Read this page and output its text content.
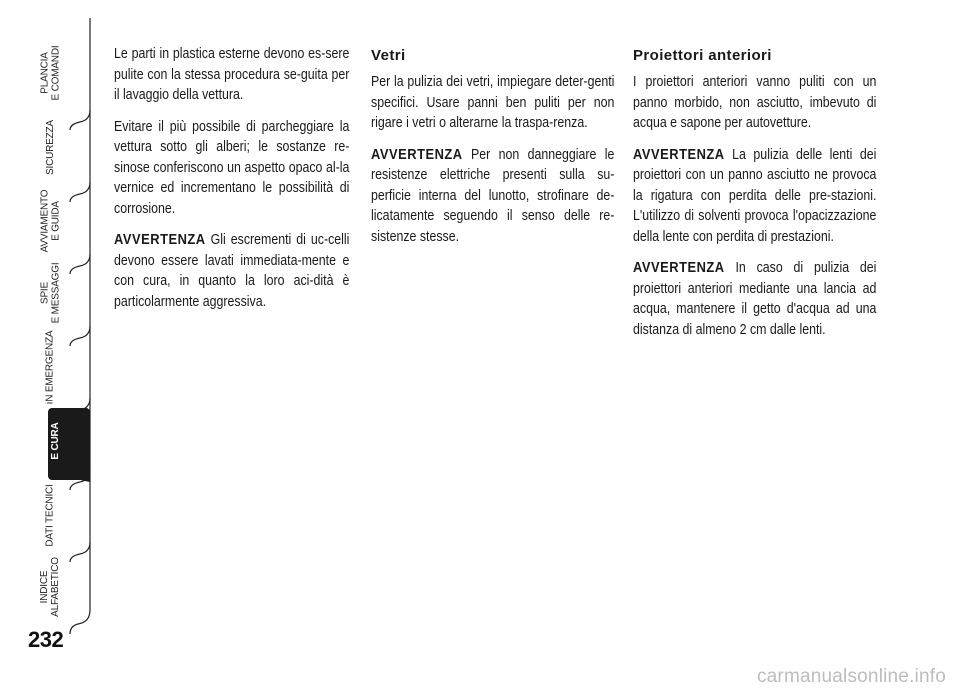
PLANCIA
E COMANDI
SICUREZZA
AVVIAMENTO
E GUIDA
SPIE
E MESSAGGI
IN EMERGENZA
MANUTENZIONE
E CURA
DATI TECNICI
INDICE
ALFABETICO
232

Le parti in plastica esterne devono es-sere pulite con la stessa procedura se-guita per il lavaggio della vettura.

Evitare il più possibile di parcheggiare la vettura sotto gli alberi; le sostanze re-sinose conferiscono un aspetto opaco al-la vernice ed incrementano le possibilità di corrosione.

AVVERTENZA Gli escrementi di uc-celli devono essere lavati immediata-mente e con cura, in quanto la loro aci-dità è particolarmente aggressiva.

Vetri

Per la pulizia dei vetri, impiegare deter-genti specifici. Usare panni ben puliti per non rigare i vetri o alterarne la traspa-renza.

AVVERTENZA Per non danneggiare le resistenze elettriche presenti sulla su-perficie interna del lunotto, strofinare de-licatamente seguendo il senso delle re-sistenze stesse.

Proiettori anteriori

I proiettori anteriori vanno puliti con un panno morbido, non asciutto, imbevuto di acqua e sapone per autovetture.

AVVERTENZA La pulizia delle lenti dei proiettori con un panno asciutto ne provoca la rigatura con perdita delle pre-stazioni. L'utilizzo di solventi provoca l'opacizzazione della lente con perdita di prestazioni.

AVVERTENZA In caso di pulizia dei proiettori anteriori mediante una lancia ad acqua, mantenere il getto d'acqua ad una distanza di almeno 2 cm dalle lenti.

carmanualsonline.info
